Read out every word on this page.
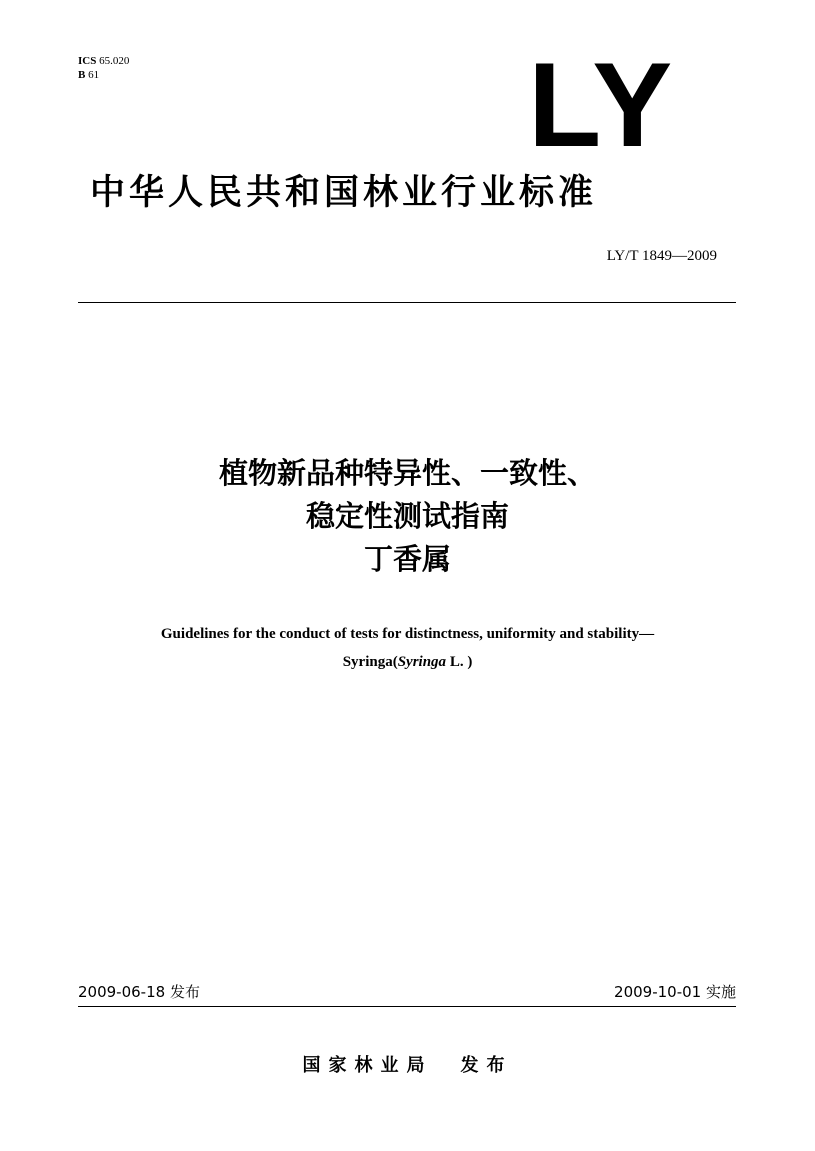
ICS 65.020
B 61	LY
中华人民共和国林业行业标准
LY/T 1849—2009
植物新品种特异性、一致性、
稳定性测试指南
丁香属
Guidelines for the conduct of tests for distinctness, uniformity and stability—
Syringa(Syringa L. )
2009-06-18 发布	2009-10-01 实施
国家林业局 发布
